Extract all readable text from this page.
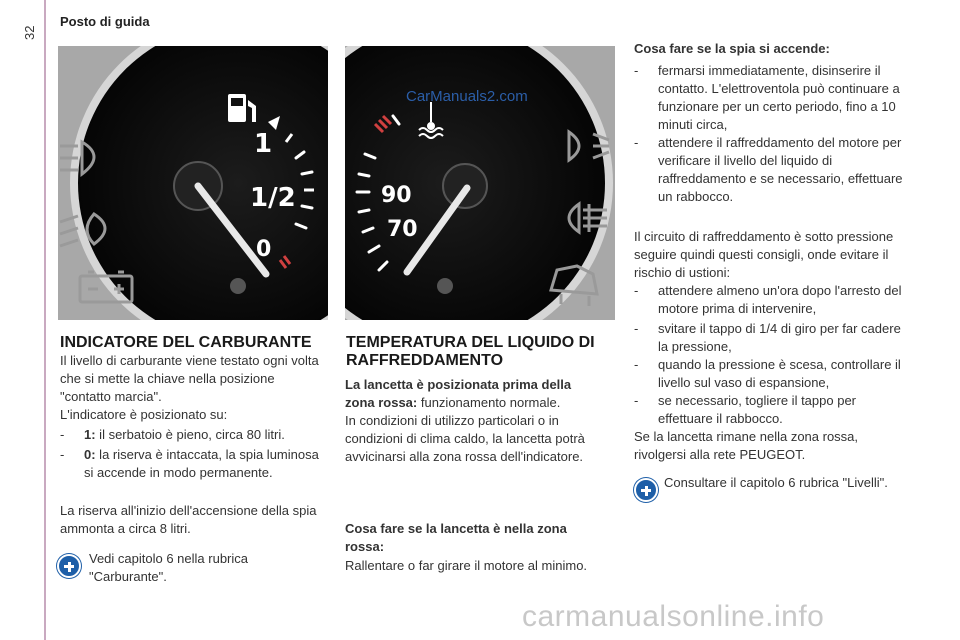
32
Posto di guida
1
1/2
0
90
70
CarManuals2.com
INDICATORE DEL CARBURANTE
Il livello di carburante viene testato ogni volta che si mette la chiave nella posizione "contatto marcia".
L'indicatore è posizionato su:
-	1: il serbatoio è pieno, circa 80 litri.
-	0: la riserva è intaccata, la spia luminosa si accende in modo permanente.
La riserva all'inizio dell'accensione della spia ammonta a circa 8 litri.
Vedi capitolo 6 nella rubrica "Carburante".
TEMPERATURA DEL LIQUIDO DI RAFFREDDAMENTO
La lancetta è posizionata prima della zona rossa: funzionamento normale.
In condizioni di utilizzo particolari o in condizioni di clima caldo, la lancetta potrà avvicinarsi alla zona rossa dell'indicatore.
Cosa fare se la lancetta è nella zona rossa:
Rallentare o far girare il motore al minimo.
Cosa fare se la spia si accende:
-	fermarsi immediatamente, disinserire il contatto. L'elettroventola può continuare a funzionare per un certo periodo, fino a 10 minuti circa,
-	attendere il raffreddamento del motore per verificare il livello del liquido di raffreddamento e se necessario, effettuare un rabbocco.
Il circuito di raffreddamento è sotto pressione seguire quindi questi consigli, onde evitare il rischio di ustioni:
-	attendere almeno un'ora dopo l'arresto del motore prima di intervenire,
-	svitare il tappo di 1/4 di giro per far cadere la pressione,
-	quando la pressione è scesa, controllare il livello sul vaso di espansione,
-	se necessario, togliere il tappo per effettuare il rabbocco.
Se la lancetta rimane nella zona rossa, rivolgersi alla rete PEUGEOT.
Consultare il capitolo 6 rubrica "Livelli".
carmanualsonline.info
